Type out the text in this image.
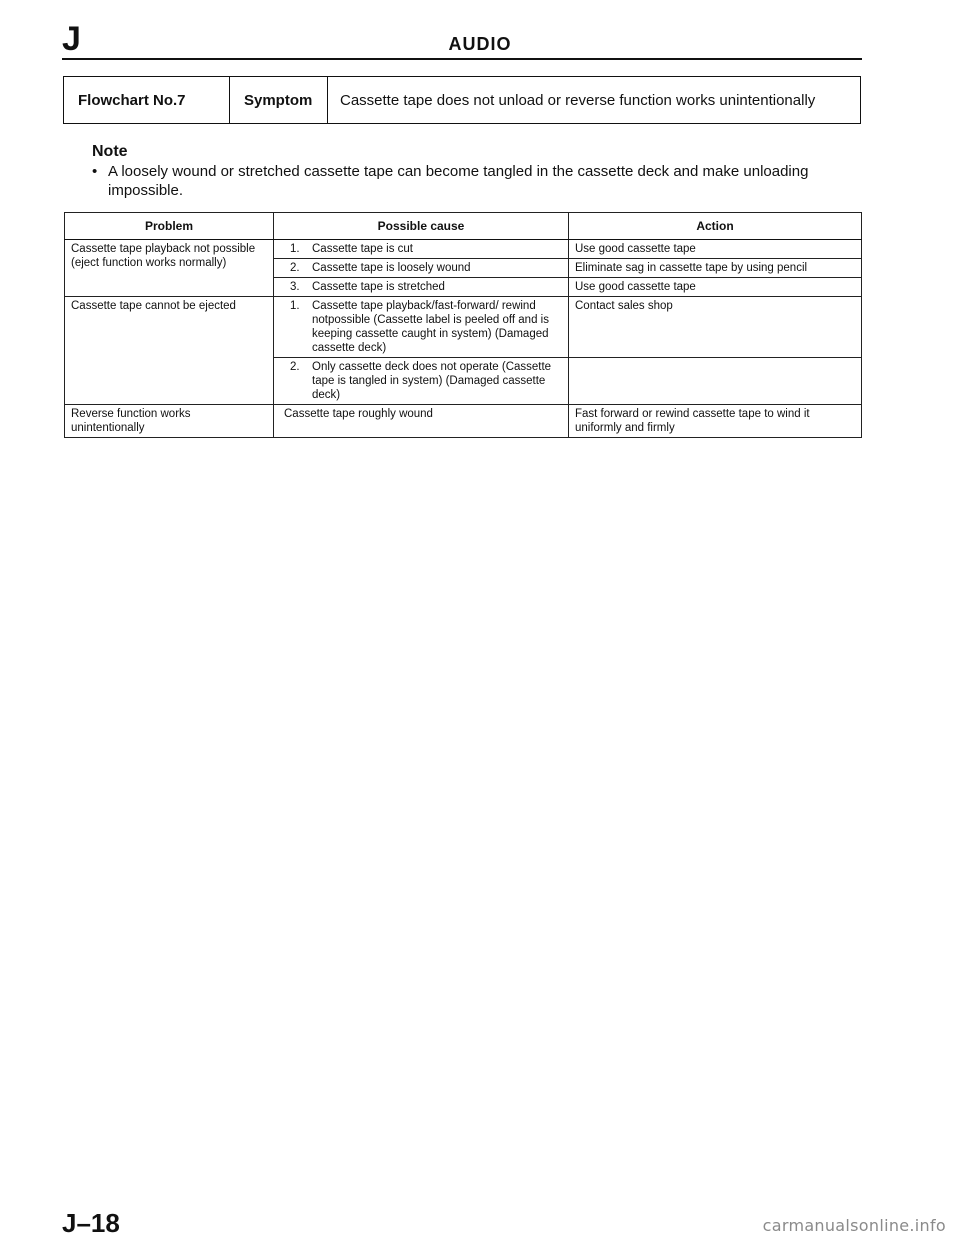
J	AUDIO
Flowchart No.7	Symptom	Cassette tape does not unload or reverse function works unintentionally
Note
• A loosely wound or stretched cassette tape can become tangled in the cassette deck and make unloading impossible.
Problem	Possible cause	Action
Cassette tape playback not possible (eject function works normally)	1. Cassette tape is cut	Use good cassette tape

	2. Cassette tape is loosely wound	Eliminate sag in cassette tape by using pencil

	3. Cassette tape is stretched	Use good cassette tape
Cassette tape cannot be ejected	1. Cassette tape playback/fast-forward/ rewind notpossible (Cassette label is peeled off and is keeping cassette caught in system) (Damaged cassette deck)	Contact sales shop

	2. Only cassette deck does not operate (Cassette tape is tangled in system) (Damaged cassette deck)	

Reverse function works unintentionally	Cassette tape roughly wound	Fast forward or rewind cassette tape to wind it uniformly and firmly
J–18	carmanualsonline.info
